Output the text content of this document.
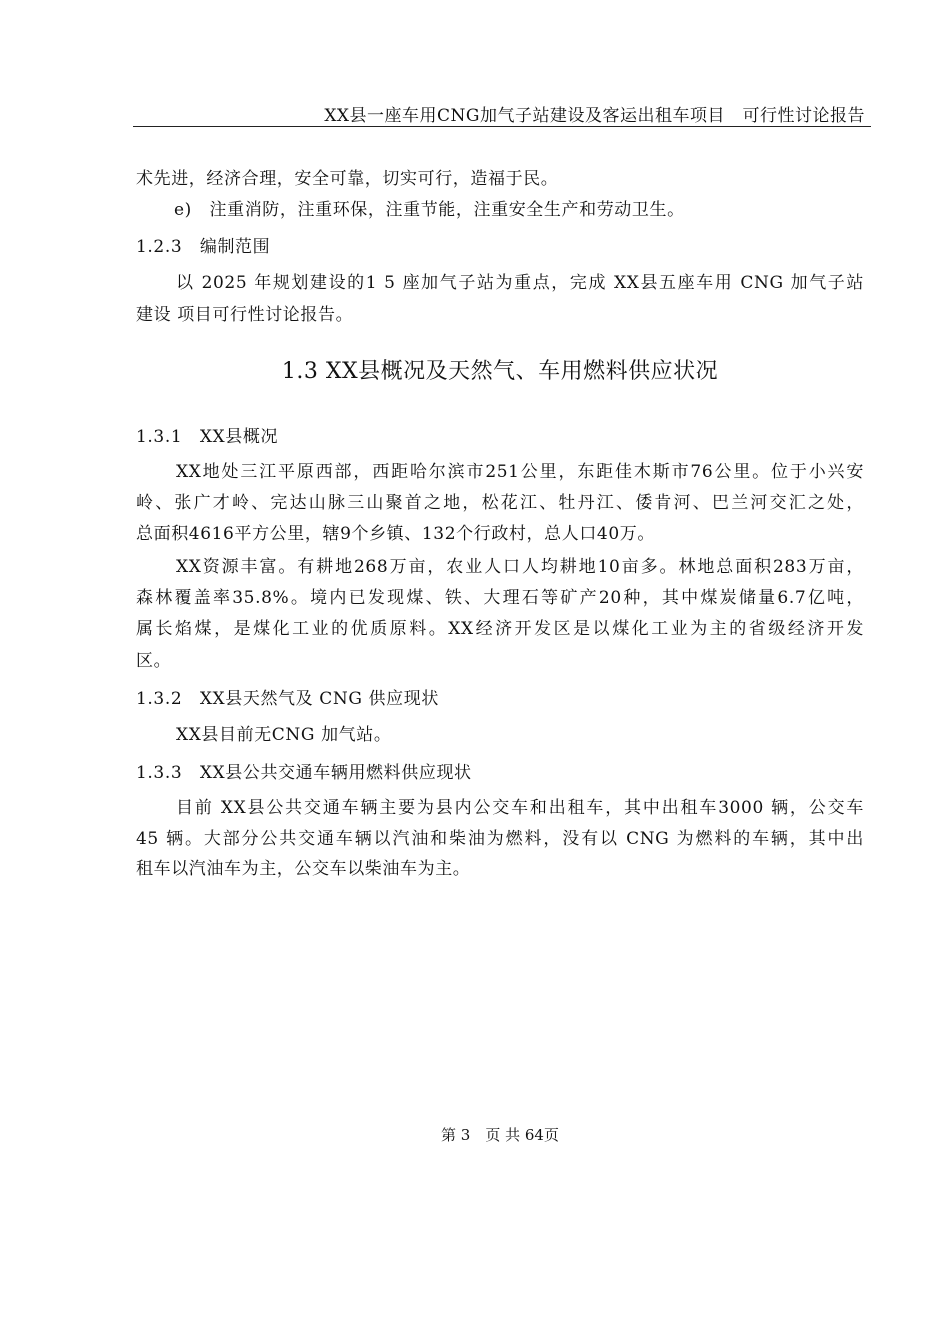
XX县一座车用CNG加气子站建设及客运出租车项目　可行性讨论报告
术先进，经济合理，安全可靠，切实可行，造福于民。
e)　注重消防，注重环保，注重节能，注重安全生产和劳动卫生。
1.2.3　编制范围
以 2025 年规划建设的1 5 座加气子站为重点，完成 XX县五座车用 CNG 加气子站
建设 项目可行性讨论报告。
1.3 XX县概况及天然气、车用燃料供应状况
1.3.1　XX县概况
XX地处三江平原西部，西距哈尔滨市251公里，东距佳木斯市76公里。位于小兴安
岭、张广才岭、完达山脉三山聚首之地，松花江、牡丹江、倭肯河、巴兰河交汇之处，
总面积4616平方公里，辖9个乡镇、132个行政村，总人口40万。
XX资源丰富。有耕地268万亩，农业人口人均耕地10亩多。林地总面积283万亩，
森林覆盖率35.8%。境内已发现煤、铁、大理石等矿产20种，其中煤炭储量6.7亿吨，
属长焰煤，是煤化工业的优质原料。XX经济开发区是以煤化工业为主的省级经济开发
区。
1.3.2　XX县天然气及 CNG 供应现状
XX县目前无CNG 加气站。
1.3.3　XX县公共交通车辆用燃料供应现状
目前 XX县公共交通车辆主要为县内公交车和出租车，其中出租车3000 辆，公交车
45 辆。大部分公共交通车辆以汽油和柴油为燃料，没有以 CNG 为燃料的车辆，其中出
租车以汽油车为主，公交车以柴油车为主。
第 3　页 共 64页
